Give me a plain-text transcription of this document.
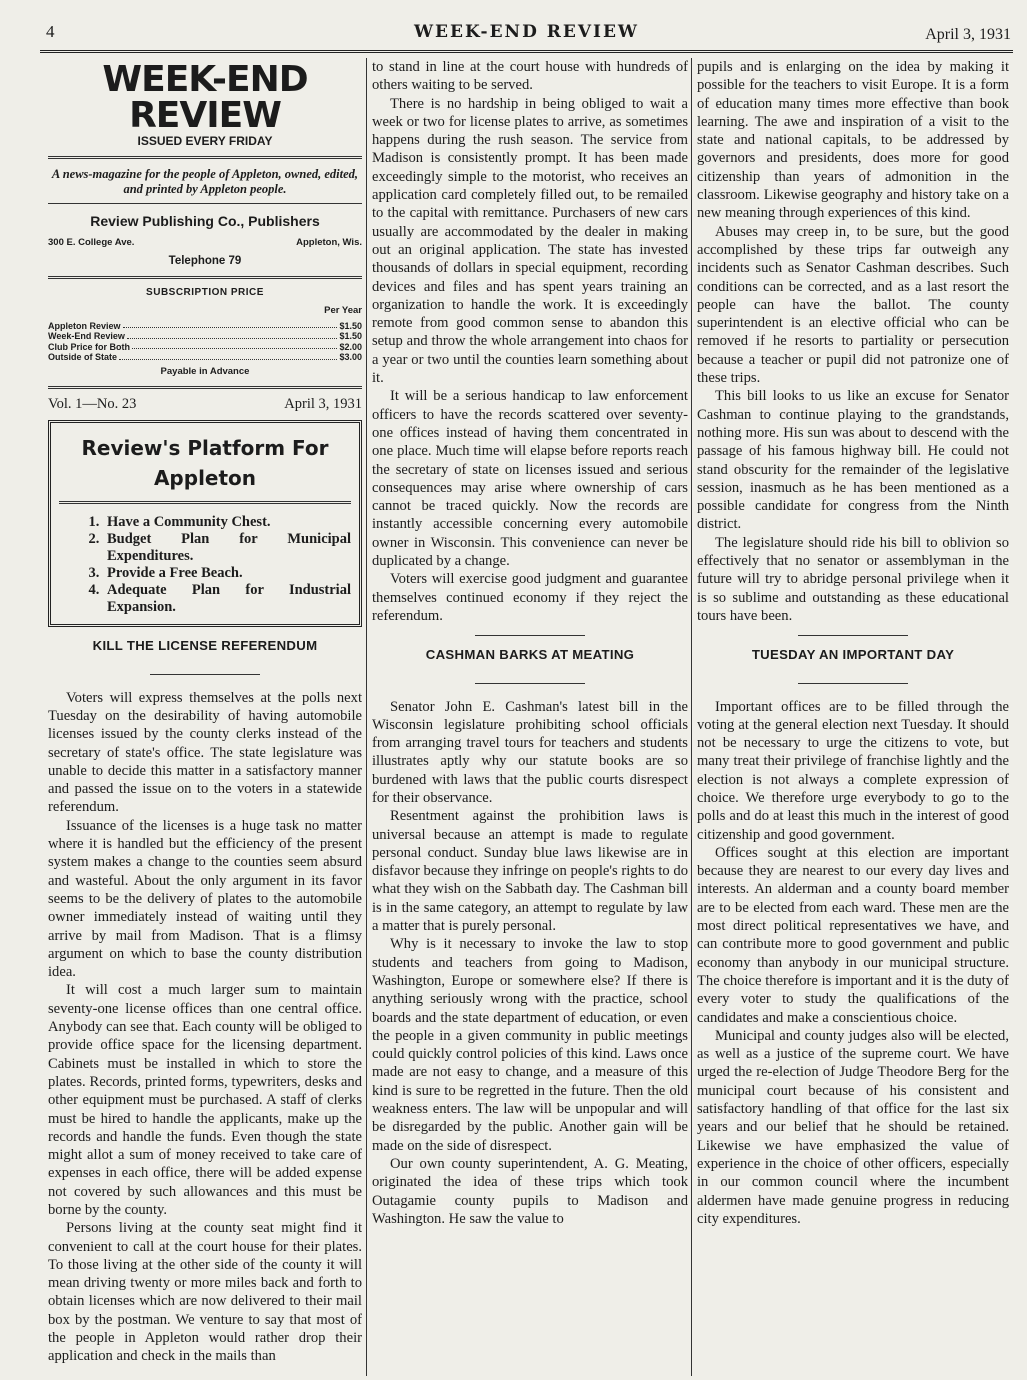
4	WEEK-END REVIEW	April 3, 1931
WEEK-END REVIEW
ISSUED EVERY FRIDAY
A news-magazine for the people of Appleton, owned, edited, and printed by Appleton people.
Review Publishing Co., Publishers
300 E. College Ave.	Appleton, Wis.
Telephone 79
SUBSCRIPTION PRICE
Per Year
Appleton Review	$1.50
Week-End Review	$1.50
Club Price for Both	$2.00
Outside of State	$3.00
Payable in Advance
Vol. 1—No. 23	April 3, 1931
Review's Platform For Appleton
1. Have a Community Chest.
2. Budget Plan for Municipal Expenditures.
3. Provide a Free Beach.
4. Adequate Plan for Industrial Expansion.
KILL THE LICENSE REFERENDUM

Voters will express themselves at the polls next Tuesday on the desirability of having automobile licenses issued by the county clerks instead of the secretary of state's office. The state legislature was unable to decide this matter in a satisfactory manner and passed the issue on to the voters in a statewide referendum.

Issuance of the licenses is a huge task no matter where it is handled but the efficiency of the present system makes a change to the counties seem absurd and wasteful. About the only argument in its favor seems to be the delivery of plates to the automobile owner immediately instead of waiting until they arrive by mail from Madison. That is a flimsy argument on which to base the county distribution idea.

It will cost a much larger sum to maintain seventy-one license offices than one central office. Anybody can see that. Each county will be obliged to provide office space for the licensing department. Cabinets must be installed in which to store the plates. Records, printed forms, typewriters, desks and other equipment must be purchased. A staff of clerks must be hired to handle the applicants, make up the records and handle the funds. Even though the state might allot a sum of money received to take care of expenses in each office, there will be added expense not covered by such allowances and this must be borne by the county.

Persons living at the county seat might find it convenient to call at the court house for their plates. To those living at the other side of the county it will mean driving twenty or more miles back and forth to obtain licenses which are now delivered to their mail box by the postman. We venture to say that most of the people in Appleton would rather drop their application and check in the mails than

to stand in line at the court house with hundreds of others waiting to be served.

There is no hardship in being obliged to wait a week or two for license plates to arrive, as sometimes happens during the rush season. The service from Madison is consistently prompt. It has been made exceedingly simple to the motorist, who receives an application card completely filled out, to be remailed to the capital with remittance. Purchasers of new cars usually are accommodated by the dealer in making out an original application. The state has invested thousands of dollars in special equipment, recording devices and files and has spent years training an organization to handle the work. It is exceedingly remote from good common sense to abandon this setup and throw the whole arrangement into chaos for a year or two until the counties learn something about it.

It will be a serious handicap to law enforcement officers to have the records scattered over seventy-one offices instead of having them concentrated in one place. Much time will elapse before reports reach the secretary of state on licenses issued and serious consequences may arise where ownership of cars cannot be traced quickly. Now the records are instantly accessible concerning every automobile owner in Wisconsin. This convenience can never be duplicated by a change.

Voters will exercise good judgment and guarantee themselves continued economy if they reject the referendum.

CASHMAN BARKS AT MEATING

Senator John E. Cashman's latest bill in the Wisconsin legislature prohibiting school officials from arranging travel tours for teachers and students illustrates aptly why our statute books are so burdened with laws that the public courts disrespect for their observance.

Resentment against the prohibition laws is universal because an attempt is made to regulate personal conduct. Sunday blue laws likewise are in disfavor because they infringe on people's rights to do what they wish on the Sabbath day. The Cashman bill is in the same category, an attempt to regulate by law a matter that is purely personal.

Why is it necessary to invoke the law to stop students and teachers from going to Madison, Washington, Europe or somewhere else? If there is anything seriously wrong with the practice, school boards and the state department of education, or even the people in a given community in public meetings could quickly control policies of this kind. Laws once made are not easy to change, and a measure of this kind is sure to be regretted in the future. Then the old weakness enters. The law will be unpopular and will be disregarded by the public. Another gain will be made on the side of disrespect.

Our own county superintendent, A. G. Meating, originated the idea of these trips which took Outagamie county pupils to Madison and Washington. He saw the value to

pupils and is enlarging on the idea by making it possible for the teachers to visit Europe. It is a form of education many times more effective than book learning. The awe and inspiration of a visit to the state and national capitals, to be addressed by governors and presidents, does more for good citizenship than years of admonition in the classroom. Likewise geography and history take on a new meaning through experiences of this kind.

Abuses may creep in, to be sure, but the good accomplished by these trips far outweigh any incidents such as Senator Cashman describes. Such conditions can be corrected, and as a last resort the people can have the ballot. The county superintendent is an elective official who can be removed if he resorts to partiality or persecution because a teacher or pupil did not patronize one of these trips.

This bill looks to us like an excuse for Senator Cashman to continue playing to the grandstands, nothing more. His sun was about to descend with the passage of his famous highway bill. He could not stand obscurity for the remainder of the legislative session, inasmuch as he has been mentioned as a possible candidate for congress from the Ninth district.

The legislature should ride his bill to oblivion so effectively that no senator or assemblyman in the future will try to abridge personal privilege when it is so sublime and outstanding as these educational tours have been.

TUESDAY AN IMPORTANT DAY

Important offices are to be filled through the voting at the general election next Tuesday. It should not be necessary to urge the citizens to vote, but many treat their privilege of franchise lightly and the election is not always a complete expression of choice. We therefore urge everybody to go to the polls and do at least this much in the interest of good citizenship and good government.

Offices sought at this election are important because they are nearest to our every day lives and interests. An alderman and a county board member are to be elected from each ward. These men are the most direct political representatives we have, and can contribute more to good government and public economy than anybody in our municipal structure. The choice therefore is important and it is the duty of every voter to study the qualifications of the candidates and make a conscientious choice.

Municipal and county judges also will be elected, as well as a justice of the supreme court. We have urged the re-election of Judge Theodore Berg for the municipal court because of his consistent and satisfactory handling of that office for the last six years and our belief that he should be retained. Likewise we have emphasized the value of experience in the choice of other officers, especially in our common council where the incumbent aldermen have made genuine progress in reducing city expenditures.
